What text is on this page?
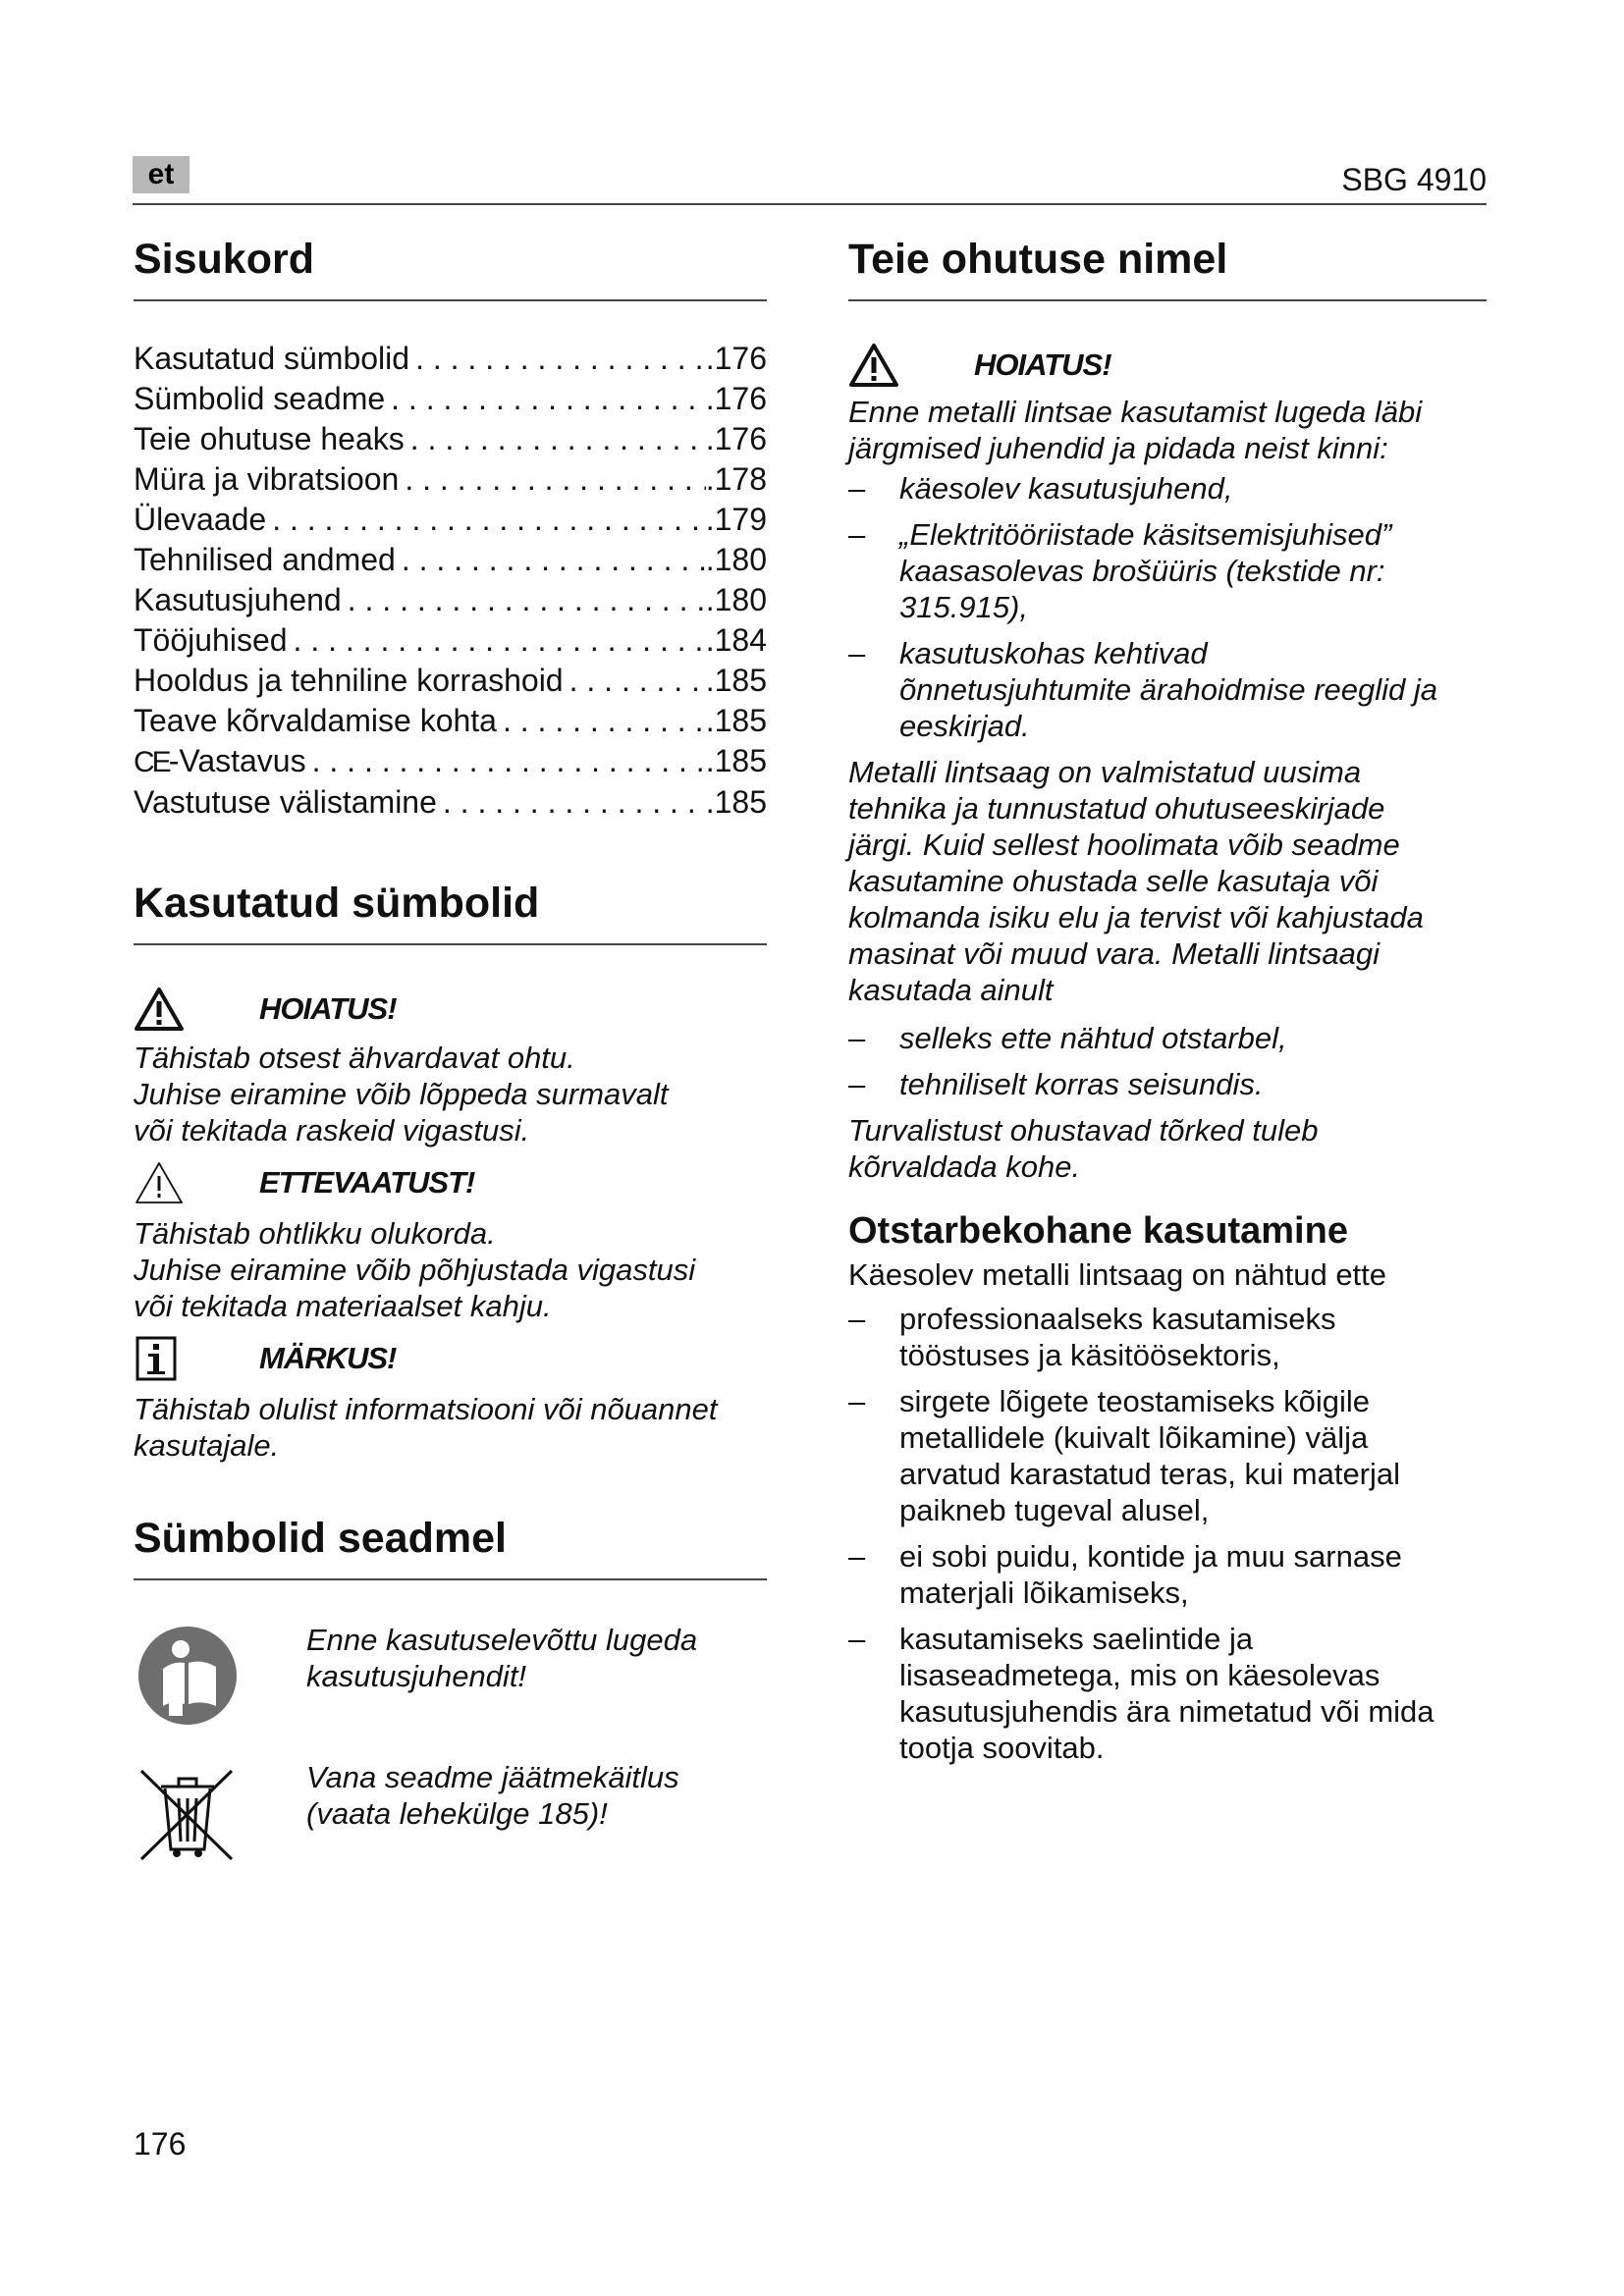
et	SBG 4910
Sisukord
Kasutatud sümbolid . . .	.176
Sümbolid seadme . . .	.176
Teie ohutuse heaks . . .	.176
Müra ja vibratsioon . . .	.178
Ülevaade . . .	.179
Tehnilised andmed . . .	.180
Kasutusjuhend . . .	.180
Tööjuhised . . .	.184
Hooldus ja tehniline korrashoid . . .	.185
Teave kõrvaldamise kohta . . .	.185
CE-Vastavus . . .	.185
Vastutuse välistamine . . .	.185
Kasutatud sümbolid
HOIATUS!

Tähistab otsest ähvardavat ohtu.
Juhise eiramine võib lõppeda surmavalt
või tekitada raskeid vigastusi.

ETTEVAATUST!

Tähistab ohtlikku olukorda.
Juhise eiramine võib põhjustada vigastusi
või tekitada materiaalset kahju.

MÄRKUS!

Tähistab olulist informatsiooni või nõuannet
kasutajale.

Sümbolid seadmel

Enne kasutuselevõttu lugeda
kasutusjuhendit!

Vana seadme jäätmekäitlus
(vaata lehekülge 185)!

Teie ohutuse nimel
HOIATUS!

Enne metalli lintsae kasutamist lugeda läbi
järgmised juhendid ja pidada neist kinni:

– käesolev kasutusjuhend,
– „Elektritööriistade käsitsemisjuhised”
kaasasolevas brošüüris (tekstide nr:
315.915),
– kasutuskohas kehtivad
õnnetusjuhtumite ärahoidmise reeglid ja
eeskirjad.

Metalli lintsaag on valmistatud uusima
tehnika ja tunnustatud ohutuseeskirjade
järgi. Kuid sellest hoolimata võib seadme
kasutamine ohustada selle kasutaja või
kolmanda isiku elu ja tervist või kahjustada
masinat või muud vara. Metalli lintsaagi
kasutada ainult

– selleks ette nähtud otstarbel,
– tehniliselt korras seisundis.

Turvalistust ohustavad tõrked tuleb
kõrvaldada kohe.

Otstarbekohane kasutamine

Käesolev metalli lintsaag on nähtud ette

– professionaalseks kasutamiseks
tööstuses ja käsitöösektoris,
– sirgete lõigete teostamiseks kõigile
metallidele (kuivalt lõikamine) välja
arvatud karastatud teras, kui materjal
paikneb tugeval alusel,
– ei sobi puidu, kontide ja muu sarnase
materjali lõikamiseks,
– kasutamiseks saelintide ja
lisaseadmetega, mis on käesolevas
kasutusjuhendis ära nimetatud või mida
tootja soovitab.
176
